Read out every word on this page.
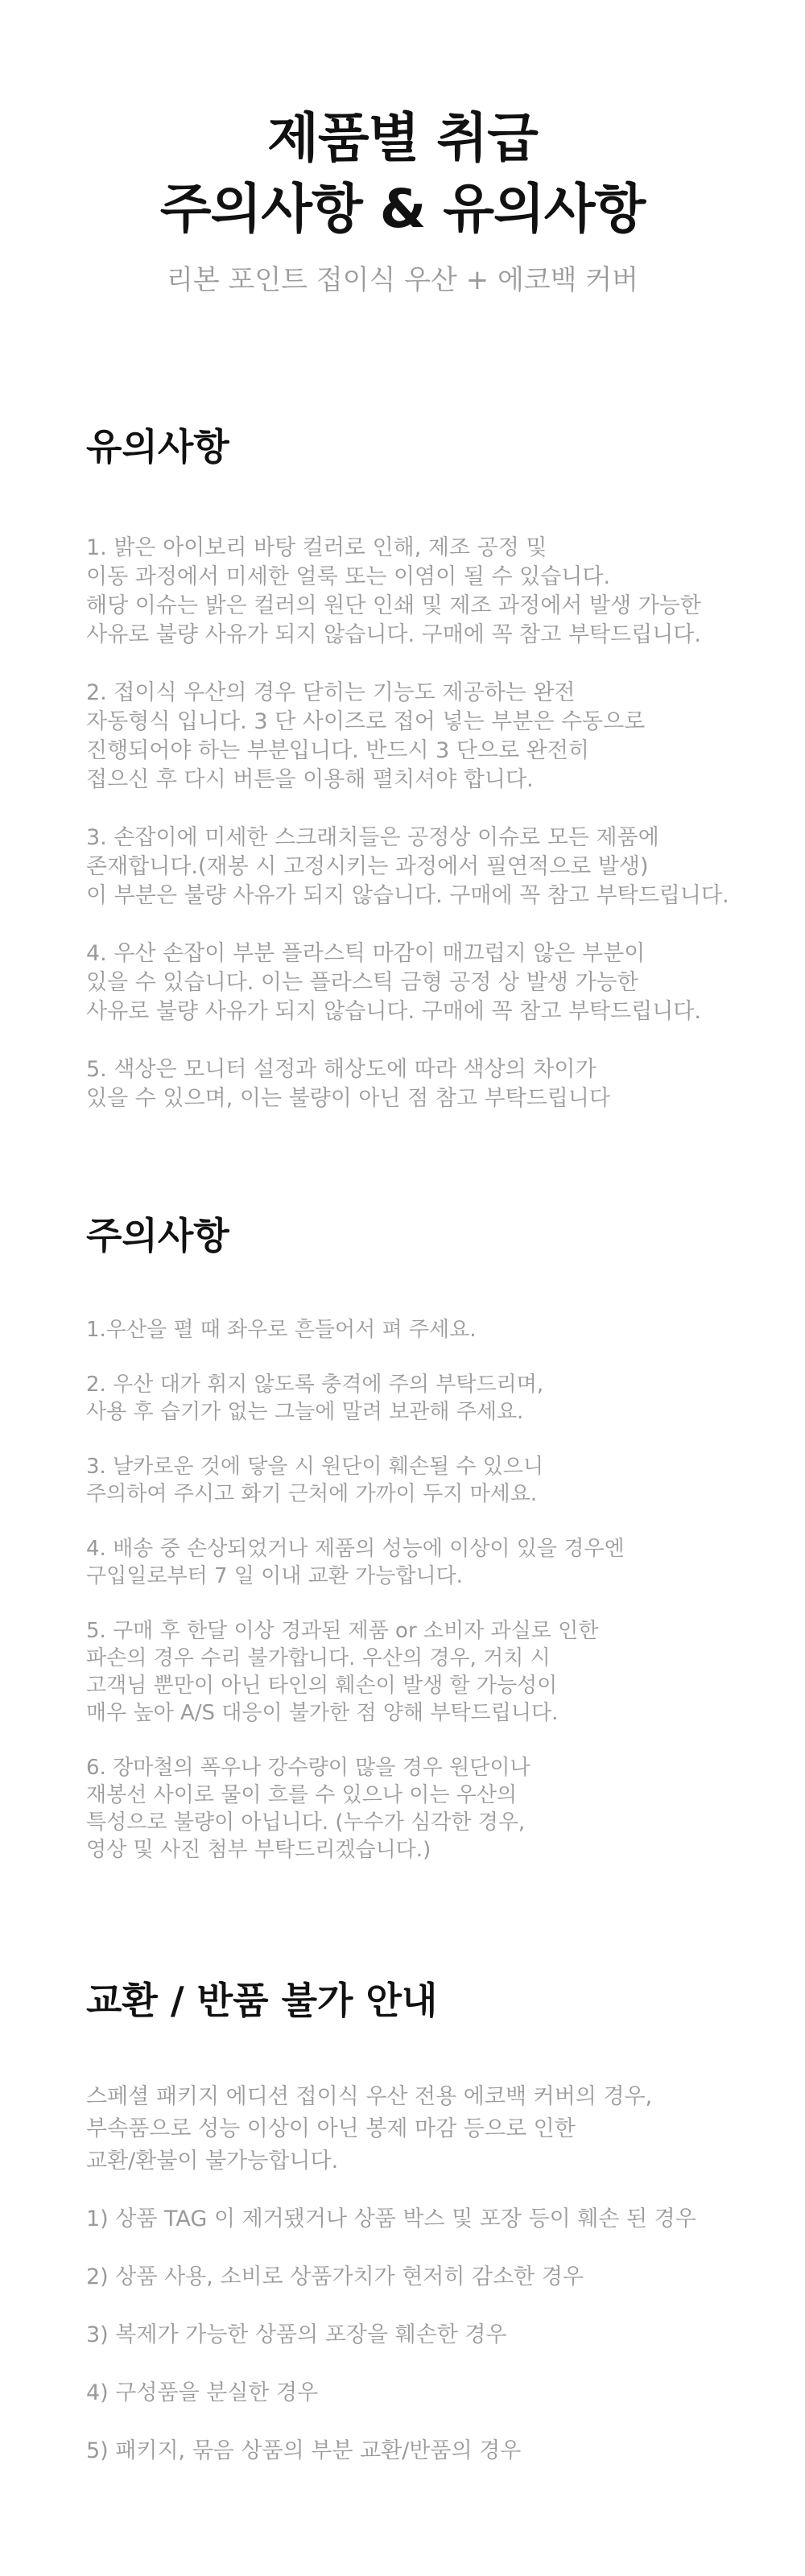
제품별 취급
주의사항 & 유의사항
리본 포인트 접이식 우산 + 에코백 커버
유의사항

1. 밝은 아이보리 바탕 컬러로 인해, 제조 공정 및
이동 과정에서 미세한 얼룩 또는 이염이 될 수 있습니다.
해당 이슈는 밝은 컬러의 원단 인쇄 및 제조 과정에서 발생 가능한
사유로 불량 사유가 되지 않습니다. 구매에 꼭 참고 부탁드립니다.

2. 접이식 우산의 경우 닫히는 기능도 제공하는 완전
자동형식 입니다. 3 단 사이즈로 접어 넣는 부분은 수동으로
진행되어야 하는 부분입니다. 반드시 3 단으로 완전히
접으신 후 다시 버튼을 이용해 펼치셔야 합니다.

3. 손잡이에 미세한 스크래치들은 공정상 이슈로 모든 제품에
존재합니다.(재봉 시 고정시키는 과정에서 필연적으로 발생)
이 부분은 불량 사유가 되지 않습니다. 구매에 꼭 참고 부탁드립니다.

4. 우산 손잡이 부분 플라스틱 마감이 매끄럽지 않은 부분이
있을 수 있습니다. 이는 플라스틱 금형 공정 상 발생 가능한
사유로 불량 사유가 되지 않습니다. 구매에 꼭 참고 부탁드립니다.

5. 색상은 모니터 설정과 해상도에 따라 색상의 차이가
있을 수 있으며, 이는 불량이 아닌 점 참고 부탁드립니다

주의사항

1.우산을 펼 때 좌우로 흔들어서 펴 주세요.

2. 우산 대가 휘지 않도록 충격에 주의 부탁드리며,
사용 후 습기가 없는 그늘에 말려 보관해 주세요.

3. 날카로운 것에 닿을 시 원단이 훼손될 수 있으니
주의하여 주시고 화기 근처에 가까이 두지 마세요.

4. 배송 중 손상되었거나 제품의 성능에 이상이 있을 경우엔
구입일로부터 7 일 이내 교환 가능합니다.

5. 구매 후 한달 이상 경과된 제품 or 소비자 과실로 인한
파손의 경우 수리 불가합니다. 우산의 경우, 거치 시
고객님 뿐만이 아닌 타인의 훼손이 발생 할 가능성이
매우 높아 A/S 대응이 불가한 점 양해 부탁드립니다.

6. 장마철의 폭우나 강수량이 많을 경우 원단이나
재봉선 사이로 물이 흐를 수 있으나 이는 우산의
특성으로 불량이 아닙니다. (누수가 심각한 경우,
영상 및 사진 첨부 부탁드리겠습니다.)

교환 / 반품 불가 안내

스페셜 패키지 에디션 접이식 우산 전용 에코백 커버의 경우,
부속품으로 성능 이상이 아닌 봉제 마감 등으로 인한
교환/환불이 불가능합니다.

1) 상품 TAG 이 제거됐거나 상품 박스 및 포장 등이 훼손 된 경우

2) 상품 사용, 소비로 상품가치가 현저히 감소한 경우

3) 복제가 가능한 상품의 포장을 훼손한 경우

4) 구성품을 분실한 경우

5) 패키지, 묶음 상품의 부분 교환/반품의 경우
